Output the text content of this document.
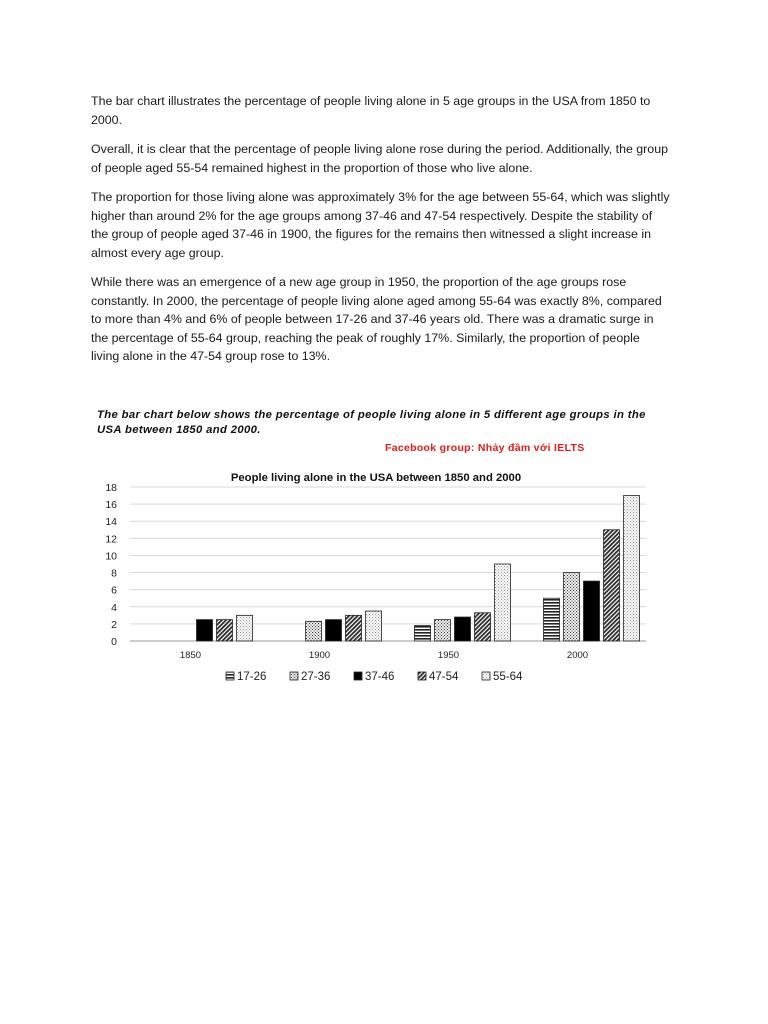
The bar chart illustrates the percentage of people living alone in 5 age groups in the USA from 1850 to 2000.

Overall, it is clear that the percentage of people living alone rose during the period. Additionally, the group of people aged 55-54 remained highest in the proportion of those who live alone.

The proportion for those living alone was approximately 3% for the age between 55-64, which was slightly higher than around 2% for the age groups among 37-46 and 47-54 respectively. Despite the stability of the group of people aged 37-46 in 1900, the figures for the remains then witnessed a slight increase in almost every age group.

While there was an emergence of a new age group in 1950, the proportion of the age groups rose constantly. In 2000, the percentage of people living alone aged among 55-64 was exactly 8%, compared to more than 4% and 6% of people between 17-26 and 37-46 years old. There was a dramatic surge in the percentage of 55-64 group, reaching the peak of roughly 17%. Similarly, the proportion of people living alone in the 47-54 group rose to 13%.

The bar chart below shows the percentage of people living alone in 5 different age groups in the USA between 1850 and 2000.

Facebook group: Nhảy đầm với IELTS
People living alone in the USA between 1850 and 2000
0
2
4
6
8
10
12
14
16
18
1850	1900	1950	2000
17-26	27-36	37-46	47-54	55-64
